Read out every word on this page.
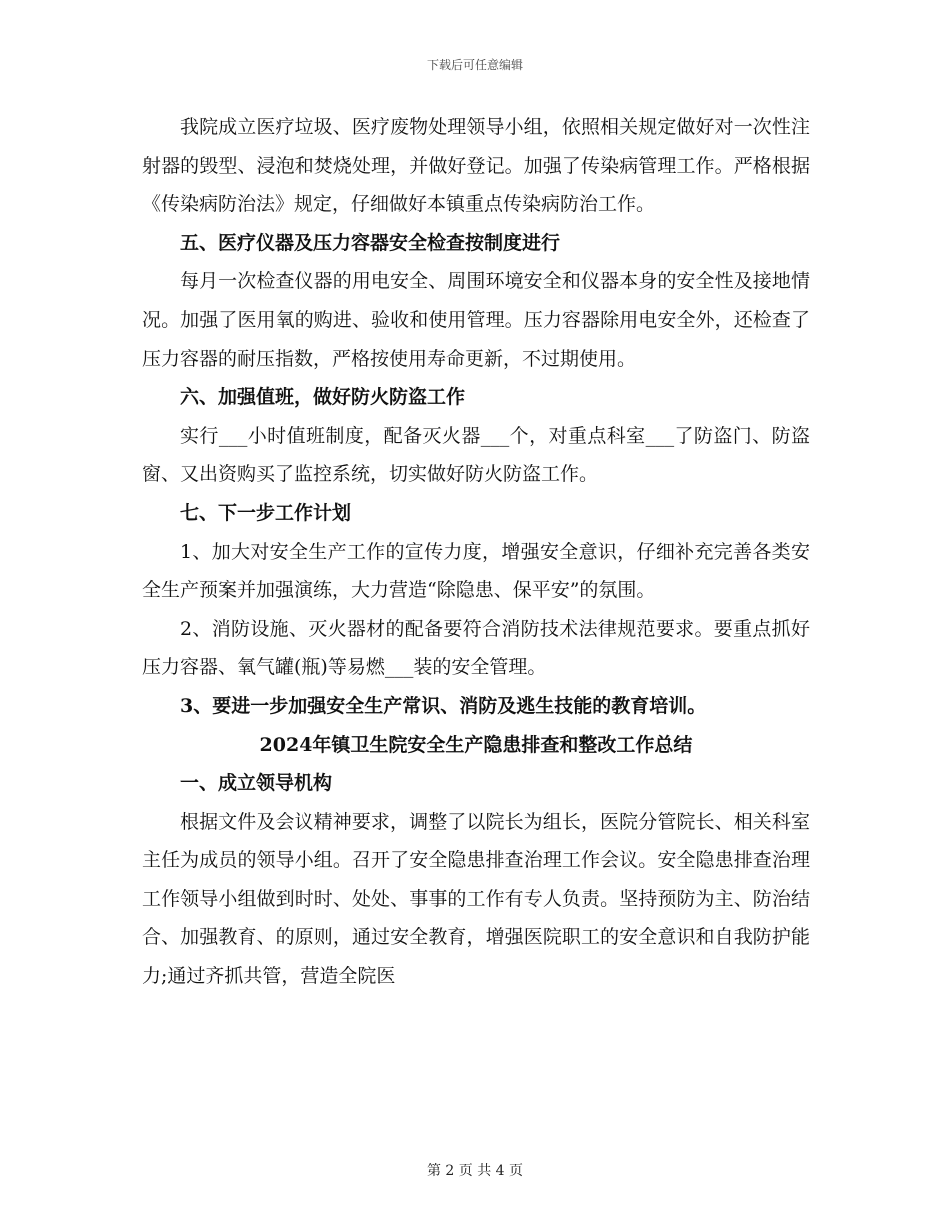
下载后可任意编辑

我院成立医疗垃圾、医疗废物处理领导小组，依照相关规定做好对一次性注射器的毁型、浸泡和焚烧处理，并做好登记。加强了传染病管理工作。严格根据《传染病防治法》规定，仔细做好本镇重点传染病防治工作。

五、医疗仪器及压力容器安全检查按制度进行

每月一次检查仪器的用电安全、周围环境安全和仪器本身的安全性及接地情况。加强了医用氧的购进、验收和使用管理。压力容器除用电安全外，还检查了压力容器的耐压指数，严格按使用寿命更新，不过期使用。

六、加强值班，做好防火防盗工作

实行___小时值班制度，配备灭火器___个，对重点科室___了防盗门、防盗窗、又出资购买了监控系统，切实做好防火防盗工作。

七、下一步工作计划

1、加大对安全生产工作的宣传力度，增强安全意识，仔细补充完善各类安全生产预案并加强演练，大力营造“除隐患、保平安”的氛围。

2、消防设施、灭火器材的配备要符合消防技术法律规范要求。要重点抓好压力容器、氧气罐(瓶)等易燃___装的安全管理。

3、要进一步加强安全生产常识、消防及逃生技能的教育培训。

2024年镇卫生院安全生产隐患排查和整改工作总结

一、成立领导机构

根据文件及会议精神要求，调整了以院长为组长，医院分管院长、相关科室主任为成员的领导小组。召开了安全隐患排查治理工作会议。安全隐患排查治理工作领导小组做到时时、处处、事事的工作有专人负责。坚持预防为主、防治结合、加强教育、的原则，通过安全教育，增强医院职工的安全意识和自我防护能力;通过齐抓共管，营造全院医

第 2 页 共 4 页
